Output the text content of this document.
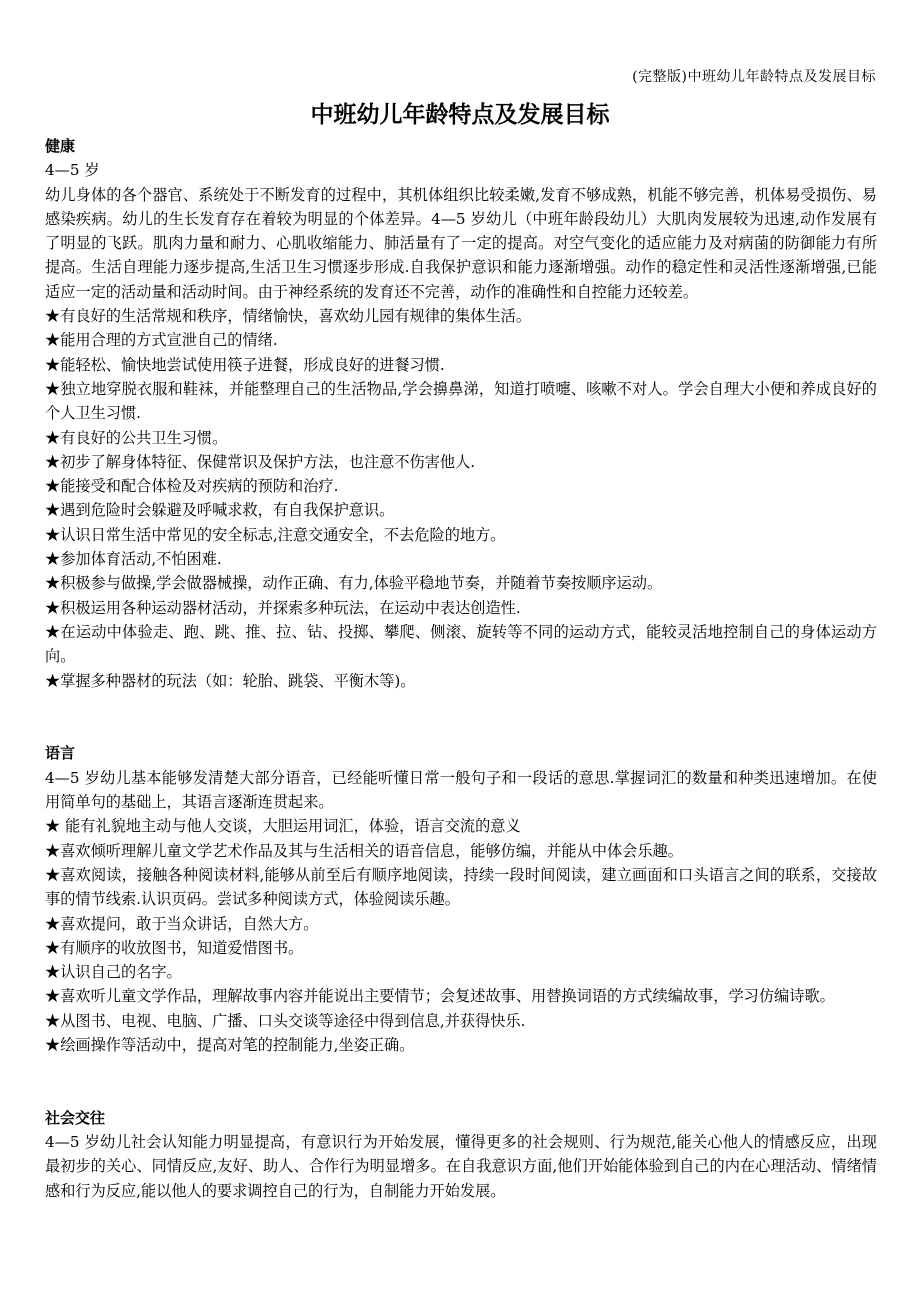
(完整版)中班幼儿年龄特点及发展目标
中班幼儿年龄特点及发展目标
健康

4—5 岁

幼儿身体的各个器官、系统处于不断发育的过程中，其机体组织比较柔嫩,发育不够成熟，机能不够完善，机体易受损伤、易感染疾病。幼儿的生长发育存在着较为明显的个体差异。4—5 岁幼儿（中班年龄段幼儿）大肌肉发展较为迅速,动作发展有了明显的飞跃。肌肉力量和耐力、心肌收缩能力、肺活量有了一定的提高。对空气变化的适应能力及对病菌的防御能力有所提高。生活自理能力逐步提高,生活卫生习惯逐步形成.自我保护意识和能力逐渐增强。动作的稳定性和灵活性逐渐增强,已能适应一定的活动量和活动时间。由于神经系统的发育还不完善，动作的准确性和自控能力还较差。

★有良好的生活常规和秩序，情绪愉快，喜欢幼儿园有规律的集体生活。

★能用合理的方式宣泄自己的情绪.

★能轻松、愉快地尝试使用筷子进餐，形成良好的进餐习惯.

★独立地穿脱衣服和鞋袜，并能整理自己的生活物品,学会擤鼻涕，知道打喷嚏、咳嗽不对人。学会自理大小便和养成良好的个人卫生习惯.

★有良好的公共卫生习惯。

★初步了解身体特征、保健常识及保护方法，也注意不伤害他人.

★能接受和配合体检及对疾病的预防和治疗.

★遇到危险时会躲避及呼喊求救，有自我保护意识。

★认识日常生活中常见的安全标志,注意交通安全，不去危险的地方。

★参加体育活动,不怕困难.

★积极参与做操,学会做器械操，动作正确、有力,体验平稳地节奏，并随着节奏按顺序运动。

★积极运用各种运动器材活动，并探索多种玩法，在运动中表达创造性.

★在运动中体验走、跑、跳、推、拉、钻、投掷、攀爬、侧滚、旋转等不同的运动方式，能较灵活地控制自己的身体运动方向。

★掌握多种器材的玩法（如：轮胎、跳袋、平衡木等)。

语言

4—5 岁幼儿基本能够发清楚大部分语音，已经能听懂日常一般句子和一段话的意思.掌握词汇的数量和种类迅速增加。在使用简单句的基础上，其语言逐渐连贯起来。

★ 能有礼貌地主动与他人交谈，大胆运用词汇，体验，语言交流的意义

★喜欢倾听理解儿童文学艺术作品及其与生活相关的语音信息，能够仿编，并能从中体会乐趣。

★喜欢阅读，接触各种阅读材料,能够从前至后有顺序地阅读，持续一段时间阅读，建立画面和口头语言之间的联系，交接故事的情节线索.认识页码。尝试多种阅读方式，体验阅读乐趣。

★喜欢提问，敢于当众讲话，自然大方。

★有顺序的收放图书，知道爱惜图书。

★认识自己的名字。

★喜欢听儿童文学作品，理解故事内容并能说出主要情节；会复述故事、用替换词语的方式续编故事，学习仿编诗歌。

★从图书、电视、电脑、广播、口头交谈等途径中得到信息,并获得快乐.

★绘画操作等活动中，提高对笔的控制能力,坐姿正确。

社会交往

4—5 岁幼儿社会认知能力明显提高，有意识行为开始发展，懂得更多的社会规则、行为规范,能关心他人的情感反应，出现最初步的关心、同情反应,友好、助人、合作行为明显增多。在自我意识方面,他们开始能体验到自己的内在心理活动、情绪情感和行为反应,能以他人的要求调控自己的行为，自制能力开始发展。
